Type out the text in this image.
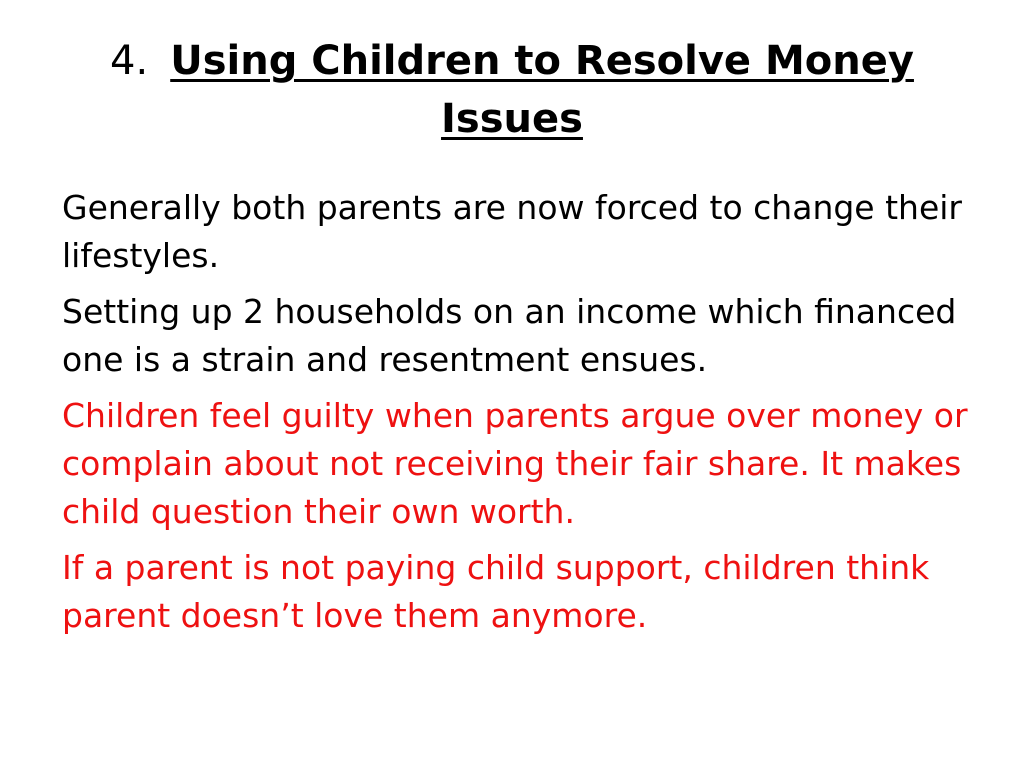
4. Using Children to Resolve Money Issues
Generally both parents are now forced to change their lifestyles.
Setting up 2 households on an income which financed one is a strain and resentment ensues.
Children feel guilty when parents argue over money or complain about not receiving their fair share. It makes child question their own worth.
If a parent is not paying child support, children think parent doesn’t love them anymore.
